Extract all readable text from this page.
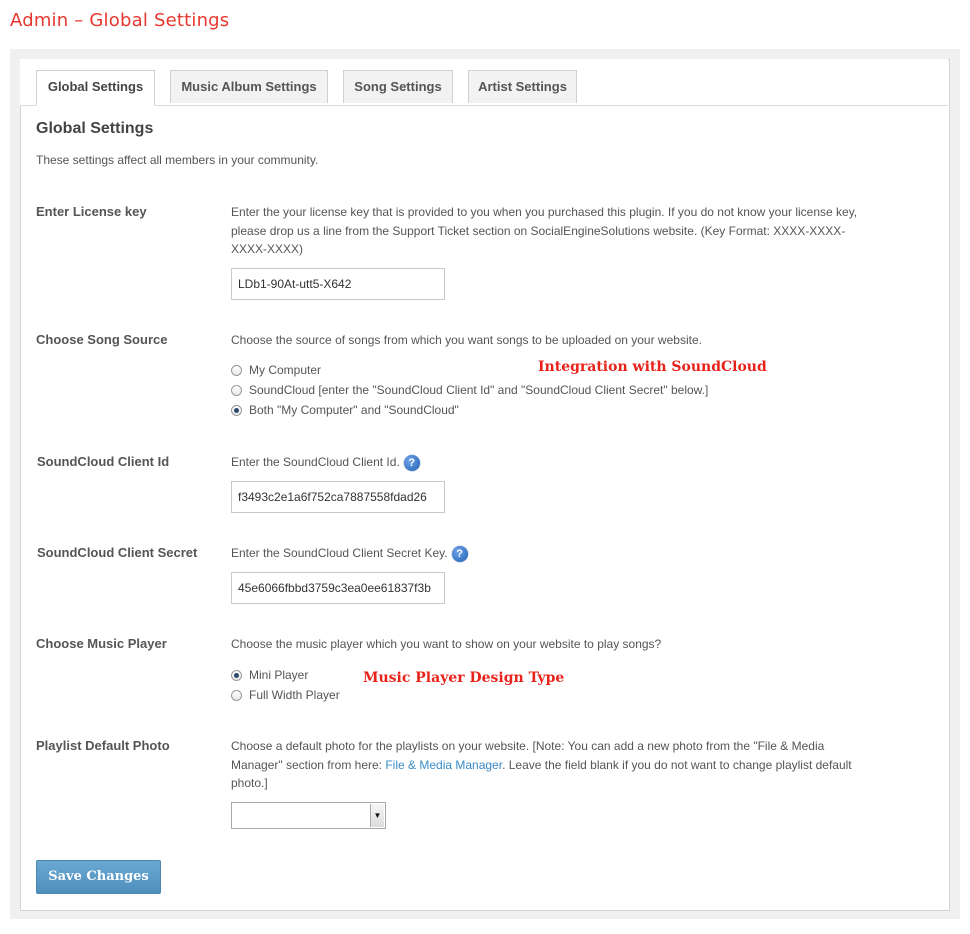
Admin – Global Settings
Global Settings	Music Album Settings	Song Settings	Artist Settings
Global Settings
These settings affect all members in your community.
Enter License key	Enter the your license key that is provided to you when you purchased this plugin. If you do not know your license key, please drop us a line from the Support Ticket section on SocialEngineSolutions website. (Key Format: XXXX-XXXX-XXXX-XXXX)
LDb1-90At-utt5-X642
Choose Song Source	Choose the source of songs from which you want songs to be uploaded on your website.
My Computer
SoundCloud [enter the "SoundCloud Client Id" and "SoundCloud Client Secret" below.]
Both "My Computer" and "SoundCloud"
Integration with SoundCloud
SoundCloud Client Id	Enter the SoundCloud Client Id. ?
f3493c2e1a6f752ca7887558fdad26
SoundCloud Client Secret	Enter the SoundCloud Client Secret Key. ?
45e6066fbbd3759c3ea0ee61837f3b
Choose Music Player	Choose the music player which you want to show on your website to play songs?
Mini Player
Full Width Player
Music Player Design Type
Playlist Default Photo	Choose a default photo for the playlists on your website. [Note: You can add a new photo from the "File & Media Manager" section from here: File & Media Manager. Leave the field blank if you do not want to change playlist default photo.]
▼
Save Changes
